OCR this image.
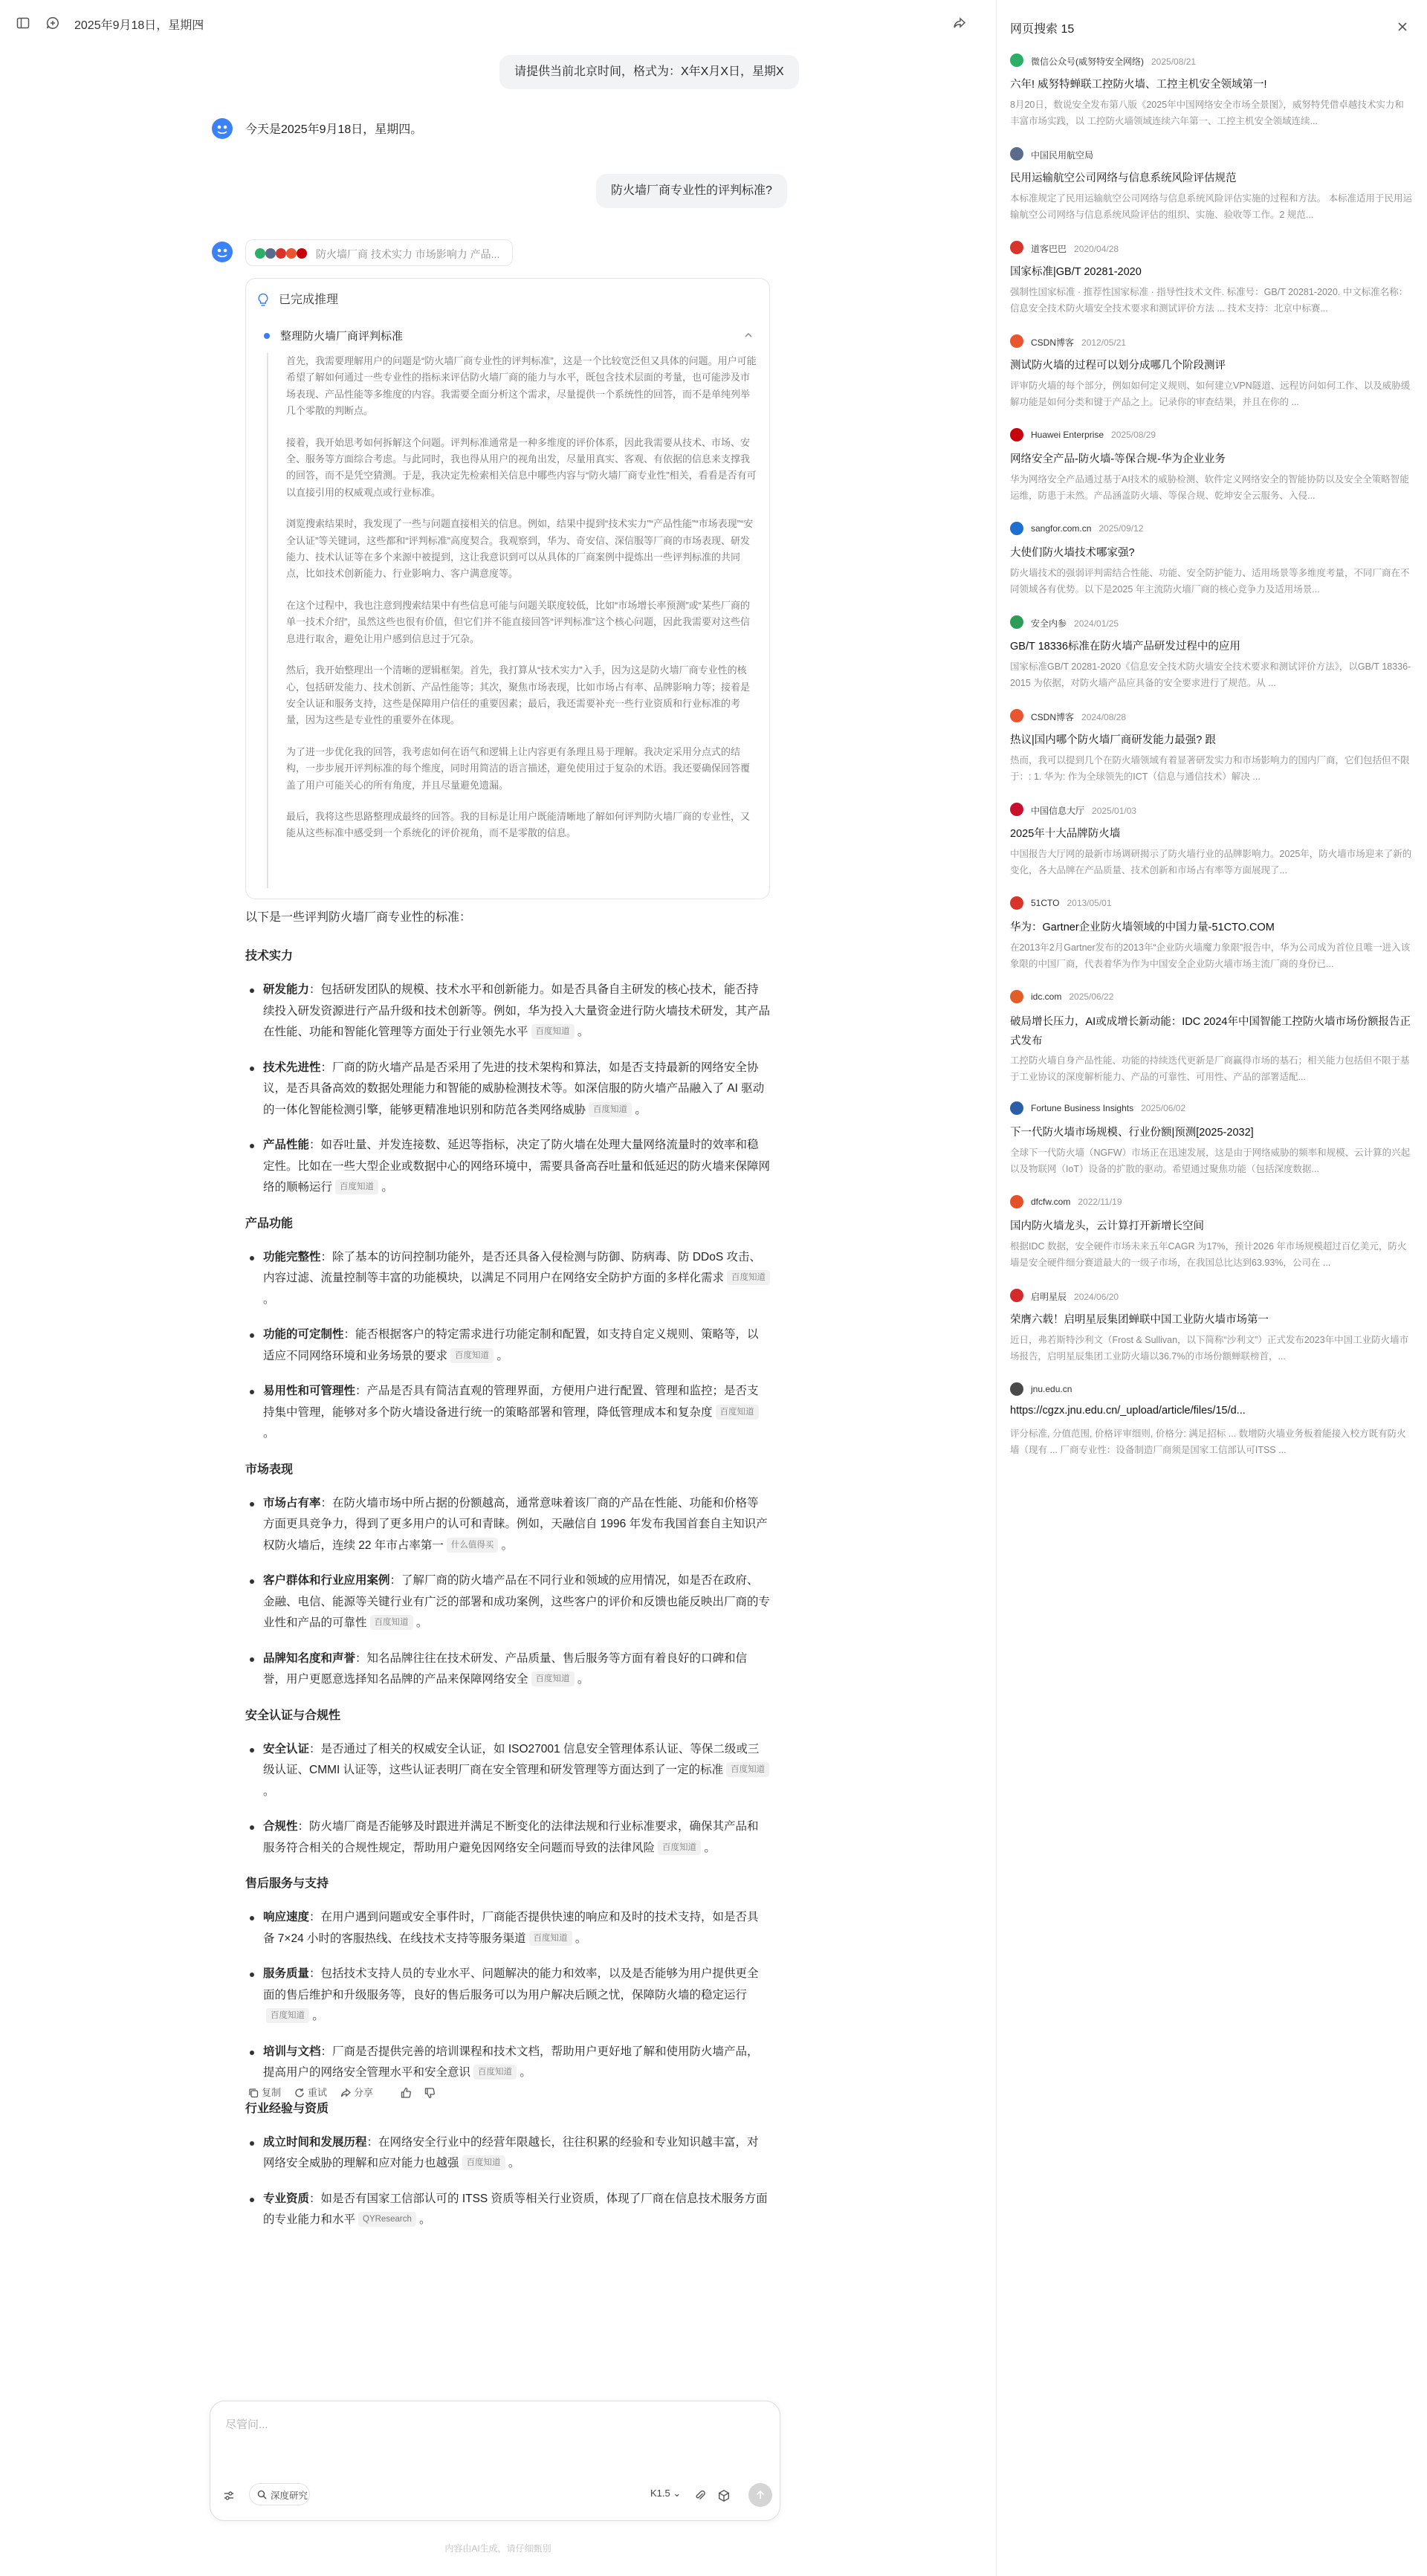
2025年9月18日，星期四
请提供当前北京时间，格式为：X年X月X日，星期X
今天是2025年9月18日，星期四。
防火墙厂商专业性的评判标准?
防火墙厂商 技术实力 市场影响力 产品...
已完成推理
整理防火墙厂商评判标准

首先，我需要理解用户的问题是“防火墙厂商专业性的评判标准”，这是一个比较宽泛但又具体的问题。用户可能希望了解如何通过一些专业性的指标来评估防火墙厂商的能力与水平，既包含技术层面的考量，也可能涉及市场表现、产品性能等多维度的内容。我需要全面分析这个需求，尽量提供一个系统性的回答，而不是单纯列举几个零散的判断点。

接着，我开始思考如何拆解这个问题。评判标准通常是一种多维度的评价体系，因此我需要从技术、市场、安全、服务等方面综合考虑。与此同时，我也得从用户的视角出发，尽量用真实、客观、有依据的信息来支撑我的回答，而不是凭空猜测。于是，我决定先检索相关信息中哪些内容与“防火墙厂商专业性”相关，看看是否有可以直接引用的权威观点或行业标准。

浏览搜索结果时，我发现了一些与问题直接相关的信息。例如，结果中提到“技术实力”“产品性能”“市场表现”“安全认证”等关键词，这些都和“评判标准”高度契合。我观察到，华为、奇安信、深信服等厂商的市场表现、研发能力、技术认证等在多个来源中被提到，这让我意识到可以从具体的厂商案例中提炼出一些评判标准的共同点，比如技术创新能力、行业影响力、客户满意度等。

在这个过程中，我也注意到搜索结果中有些信息可能与问题关联度较低，比如“市场增长率预测”或“某些厂商的单一技术介绍”，虽然这些也很有价值，但它们并不能直接回答“评判标准”这个核心问题，因此我需要对这些信息进行取舍，避免让用户感到信息过于冗杂。

然后，我开始整理出一个清晰的逻辑框架。首先，我打算从“技术实力”入手，因为这是防火墙厂商专业性的核心，包括研发能力、技术创新、产品性能等；其次，聚焦市场表现，比如市场占有率、品牌影响力等；接着是安全认证和服务支持，这些是保障用户信任的重要因素；最后，我还需要补充一些行业资质和行业标准的考量，因为这些是专业性的重要外在体现。

为了进一步优化我的回答，我考虑如何在语气和逻辑上让内容更有条理且易于理解。我决定采用分点式的结构，一步步展开评判标准的每个维度，同时用简洁的语言描述，避免使用过于复杂的术语。我还要确保回答覆盖了用户可能关心的所有角度，并且尽量避免遗漏。

最后，我将这些思路整理成最终的回答。我的目标是让用户既能清晰地了解如何评判防火墙厂商的专业性，又能从这些标准中感受到一个系统化的评价视角，而不是零散的信息。

以下是一些评判防火墙厂商专业性的标准：
技术实力
研发能力：包括研发团队的规模、技术水平和创新能力。如是否具备自主研发的核心技术，能否持续投入研发资源进行产品升级和技术创新等。例如，华为投入大量资金进行防火墙技术研发，其产品在性能、功能和智能化管理等方面处于行业领先水平 百度知道 。
技术先进性：厂商的防火墙产品是否采用了先进的技术架构和算法，如是否支持最新的网络安全协议，是否具备高效的数据处理能力和智能的威胁检测技术等。如深信服的防火墙产品融入了 AI 驱动的一体化智能检测引擎，能够更精准地识别和防范各类网络威胁 百度知道 。
产品性能：如吞吐量、并发连接数、延迟等指标，决定了防火墙在处理大量网络流量时的效率和稳定性。比如在一些大型企业或数据中心的网络环境中，需要具备高吞吐量和低延迟的防火墙来保障网络的顺畅运行 百度知道 。
产品功能
功能完整性：除了基本的访问控制功能外，是否还具备入侵检测与防御、防病毒、防 DDoS 攻击、内容过滤、流量控制等丰富的功能模块，以满足不同用户在网络安全防护方面的多样化需求 百度知道 。
功能的可定制性：能否根据客户的特定需求进行功能定制和配置，如支持自定义规则、策略等，以适应不同网络环境和业务场景的要求 百度知道 。
易用性和可管理性：产品是否具有简洁直观的管理界面，方便用户进行配置、管理和监控；是否支持集中管理，能够对多个防火墙设备进行统一的策略部署和管理，降低管理成本和复杂度 百度知道 。
市场表现
市场占有率：在防火墙市场中所占据的份额越高，通常意味着该厂商的产品在性能、功能和价格等方面更具竞争力，得到了更多用户的认可和青睐。例如，天融信自 1996 年发布我国首套自主知识产权防火墙后，连续 22 年市占率第一 什么值得买 。
客户群体和行业应用案例：了解厂商的防火墙产品在不同行业和领域的应用情况，如是否在政府、金融、电信、能源等关键行业有广泛的部署和成功案例，这些客户的评价和反馈也能反映出厂商的专业性和产品的可靠性 百度知道 。
品牌知名度和声誉：知名品牌往往在技术研发、产品质量、售后服务等方面有着良好的口碑和信誉，用户更愿意选择知名品牌的产品来保障网络安全 百度知道 。
安全认证与合规性
安全认证：是否通过了相关的权威安全认证，如 ISO27001 信息安全管理体系认证、等保二级或三级认证、CMMI 认证等，这些认证表明厂商在安全管理和研发管理等方面达到了一定的标准 百度知道 。
合规性：防火墙厂商是否能够及时跟进并满足不断变化的法律法规和行业标准要求，确保其产品和服务符合相关的合规性规定，帮助用户避免因网络安全问题而导致的法律风险 百度知道 。
售后服务与支持
响应速度：在用户遇到问题或安全事件时，厂商能否提供快速的响应和及时的技术支持，如是否具备 7×24 小时的客服热线、在线技术支持等服务渠道 百度知道 。
服务质量：包括技术支持人员的专业水平、问题解决的能力和效率，以及是否能够为用户提供更全面的售后维护和升级服务等，良好的售后服务可以为用户解决后顾之忧，保障防火墙的稳定运行百度知道 。
培训与文档：厂商是否提供完善的培训课程和技术文档，帮助用户更好地了解和使用防火墙产品，提高用户的网络安全管理水平和安全意识 百度知道 。
行业经验与资质
成立时间和发展历程：在网络安全行业中的经营年限越长，往往积累的经验和专业知识越丰富，对网络安全威胁的理解和应对能力也越强 百度知道 。
专业资质：如是否有国家工信部认可的 ITSS 资质等相关行业资质，体现了厂商在信息技术服务方面的专业能力和水平 QYResearch 。
复制	重试	分享
尽管问...
深度研究	K1.5 ⌄
内容由AI生成，请仔细甄别
网页搜索 15
微信公众号(威努特安全网络) 2025/08/21
六年! 威努特蝉联工控防火墙、工控主机安全领域第一!
8月20日，数说安全发布第八版《2025年中国网络安全市场全景图》，威努特凭借卓越技术实力和丰富市场实践，以 工控防火墙领域连续六年第一、工控主机安全领域连续...
中国民用航空局
民用运输航空公司网络与信息系统风险评估规范
本标准规定了民用运输航空公司网络与信息系统风险评估实施的过程和方法。 本标准适用于民用运输航空公司网络与信息系统风险评估的组织、实施、验收等工作。2 规范...
道客巴巴 2020/04/28
国家标准|GB/T 20281-2020
强制性国家标准 · 推荐性国家标准 · 指导性技术文件. 标准号：GB/T 20281-2020. 中文标准名称：信息安全技术防火墙安全技术要求和测试评价方法 ... 技术支持：北京中标赛...
CSDN博客 2012/05/21
测试防火墙的过程可以划分成哪几个阶段测评
评审防火墙的每个部分，例如如何定义规则、如何建立VPN隧道、远程访问如何工作、以及威胁缓解功能是如何分类和键于产品之上。记录你的审查结果，并且在你的 ...
Huawei Enterprise 2025/08/29
网络安全产品-防火墙-等保合规-华为企业业务
华为网络安全产品通过基于AI技术的威胁检测、软件定义网络安全的智能协防以及安全全策略智能运维，防患于未然。产品涵盖防火墙、等保合规、乾坤安全云服务、入侵...
sangfor.com.cn 2025/09/12
大使们防火墙技术哪家强?
防火墙技术的强弱评判需结合性能、功能、安全防护能力、适用场景等多维度考量，不同厂商在不同领域各有优势。以下是2025 年主流防火墙厂商的核心竞争力及适用场景...
安全内参 2024/01/25
GB/T 18336标准在防火墙产品研发过程中的应用
国家标准GB/T 20281-2020《信息安全技术防火墙安全技术要求和测试评价方法》，以GB/T 18336-2015 为依据，对防火墙产品应具备的安全要求进行了规范。从 ...
CSDN博客 2024/08/28
热议|国内哪个防火墙厂商研发能力最强? 跟
热而，我可以提到几个在防火墙领域有着显著研发实力和市场影响力的国内厂商，它们包括但不限于：: 1. 华为: 作为全球领先的ICT（信息与通信技术）解决 ...
中国信息大厅 2025/01/03
2025年十大品牌防火墙
中国报告大厅网的最新市场调研揭示了防火墙行业的品牌影响力。2025年，防火墙市场迎来了新的变化，各大品牌在产品质量、技术创新和市场占有率等方面展现了...
51CTO 2013/05/01
华为：Gartner企业防火墙领域的中国力量-51CTO.COM
在2013年2月Gartner发布的2013年“企业防火墙魔力象限”报告中，华为公司成为首位且唯一进入该象限的中国厂商，代表着华为作为中国安全企业防火墙市场主流厂商的身份已...
idc.com 2025/06/22
破局增长压力，AI或成增长新动能：IDC 2024年中国智能工控防火墙市场份额报告正式发布
工控防火墙自身产品性能、功能的持续迭代更新是厂商赢得市场的基石；相关能力包括但不限于基于工业协议的深度解析能力、产品的可靠性、可用性、产品的部署适配...
Fortune Business Insights 2025/06/02
下一代防火墙市场规模、行业份额|预测[2025-2032]
全球下一代防火墙（NGFW）市场正在迅速发展，这是由于网络威胁的频率和规模、云计算的兴起以及物联网（IoT）设备的扩散的驱动。希望通过聚焦功能（包括深度数据...
dfcfw.com 2022/11/19
国内防火墙龙头，云计算打开新增长空间
根据IDC 数据，安全硬件市场未来五年CAGR 为17%，预计2026 年市场规模超过百亿美元，防火墙是安全硬件细分赛道最大的一级子市场，在我国总比达到63.93%，公司在 ...
启明星辰 2024/06/20
荣膺六载！启明星辰集团蝉联中国工业防火墙市场第一
近日，弗若斯特沙利文（Frost & Sullivan，以下简称“沙利文”）正式发布2023年中国工业防火墙市场报告，启明星辰集团工业防火墙以36.7%的市场份额蝉联榜首，...
jnu.edu.cn
https://cgzx.jnu.edu.cn/_upload/article/files/15/d...
评分标准, 分值范围, 价格评审细则, 价格分: 满足招标 ... 数增防火墙业务板着能接入校方既有防火墙（现有 ... 厂商专业性：设备制造厂商须是国家工信部认可ITSS ...
